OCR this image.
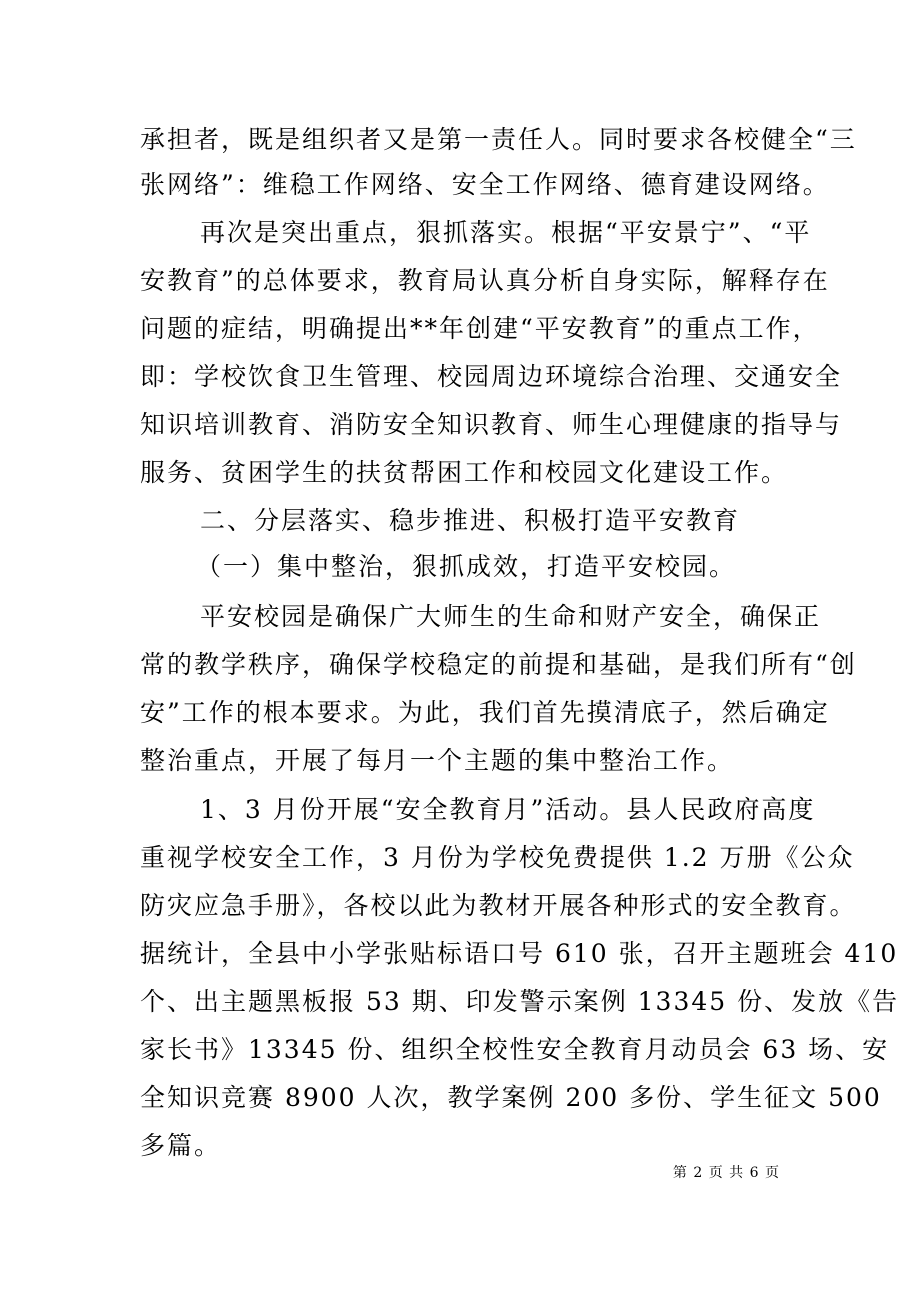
承担者，既是组织者又是第一责任人。同时要求各校健全“三
张网络”：维稳工作网络、安全工作网络、德育建设网络。
再次是突出重点，狠抓落实。根据“平安景宁”、“平
安教育”的总体要求，教育局认真分析自身实际，解释存在
问题的症结，明确提出**年创建“平安教育”的重点工作，
即：学校饮食卫生管理、校园周边环境综合治理、交通安全
知识培训教育、消防安全知识教育、师生心理健康的指导与
服务、贫困学生的扶贫帮困工作和校园文化建设工作。
二、分层落实、稳步推进、积极打造平安教育
（一）集中整治，狠抓成效，打造平安校园。
平安校园是确保广大师生的生命和财产安全，确保正
常的教学秩序，确保学校稳定的前提和基础，是我们所有“创
安”工作的根本要求。为此，我们首先摸清底子，然后确定
整治重点，开展了每月一个主题的集中整治工作。
1、3 月份开展“安全教育月”活动。县人民政府高度
重视学校安全工作，3 月份为学校免费提供 1.2 万册《公众
防灾应急手册》，各校以此为教材开展各种形式的安全教育。
据统计，全县中小学张贴标语口号 610 张，召开主题班会 410
个、出主题黑板报 53 期、印发警示案例 13345 份、发放《告
家长书》13345 份、组织全校性安全教育月动员会 63 场、安
全知识竞赛 8900 人次，教学案例 200 多份、学生征文 500
多篇。
第 2 页 共 6 页
